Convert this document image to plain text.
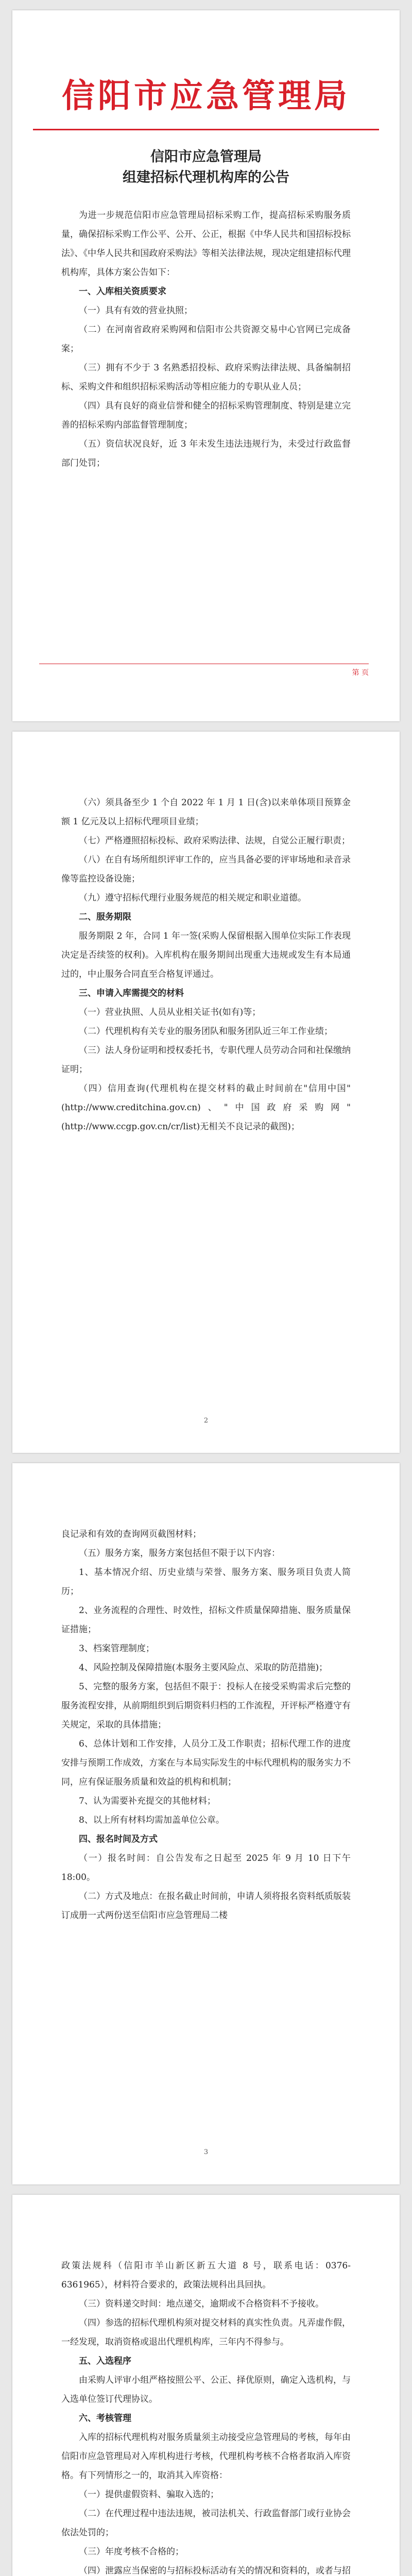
信阳市应急管理局
信阳市应急管理局
组建招标代理机构库的公告

为进一步规范信阳市应急管理局招标采购工作，提高招标采购服务质量，确保招标采购工作公平、公开、公正，根据《中华人民共和国招标投标法》、《中华人民共和国政府采购法》等相关法律法规，现决定组建招标代理机构库，具体方案公告如下：

一、入库相关资质要求

（一）具有有效的营业执照；

（二）在河南省政府采购网和信阳市公共资源交易中心官网已完成备案；

（三）拥有不少于 3 名熟悉招投标、政府采购法律法规、具备编制招标、采购文件和组织招标采购活动等相应能力的专职从业人员；

（四）具有良好的商业信誉和健全的招标采购管理制度、特别是建立完善的招标采购内部监督管理制度；

（五）资信状况良好，近 3 年未发生违法违规行为，未受过行政监督部门处罚；

第 页

（六）须具备至少 1 个自 2022 年 1 月 1 日(含)以来单体项目预算金额 1 亿元及以上招标代理项目业绩；

（七）严格遵照招标投标、政府采购法律、法规，自觉公正履行职责；

（八）在自有场所组织评审工作的，应当具备必要的评审场地和录音录像等监控设备设施；

（九）遵守招标代理行业服务规范的相关规定和职业道德。

二、服务期限

服务期限 2 年，合同 1 年一签(采购人保留根据入围单位实际工作表现决定是否续签的权利)。入库机构在服务期间出现重大违规或发生有本局通过的，中止服务合同直至合格复评通过。

三、申请入库需提交的材料

（一）营业执照、人员从业相关证书(如有)等；

（二）代理机构有关专业的服务团队和服务团队近三年工作业绩；

（三）法人身份证明和授权委托书，专职代理人员劳动合同和社保缴纳证明；

（四）信用查询(代理机构在提交材料的截止时间前在"信用中国"(http://www.creditchina.gov.cn)、"中国政府采购网"(http://www.ccgp.gov.cn/cr/list)无相关不良记录的截图)；

2

良记录和有效的查询网页截图材料；

（五）服务方案，服务方案包括但不限于以下内容：

1、基本情况介绍、历史业绩与荣誉、服务方案、服务项目负责人简历；

2、业务流程的合理性、时效性，招标文件质量保障措施、服务质量保证措施；

3、档案管理制度；

4、风险控制及保障措施(本服务主要风险点、采取的防范措施)；

5、完整的服务方案，包括但不限于：投标人在接受采购需求后完整的服务流程安排，从前期组织到后期资料归档的工作流程，开评标严格遵守有关规定，采取的具体措施；

6、总体计划和工作安排，人员分工及工作职责；招标代理工作的进度安排与预期工作成效，方案在与本局实际发生的中标代理机构的服务实力不同，应有保证服务质量和效益的机构和机制；

7、认为需要补充提交的其他材料；

8、以上所有材料均需加盖单位公章。

四、报名时间及方式

（一）报名时间：自公告发布之日起至 2025 年 9 月 10 日下午 18:00。

（二）方式及地点：在报名截止时间前，申请人须将报名资料纸质版装订成册一式两份送至信阳市应急管理局二楼

3

政策法规科（信阳市羊山新区新五大道 8 号，联系电话：0376-6361965），材料符合要求的，政策法规科出具回执。

（三）资料递交时间：地点递交，逾期或不合格资料不予接收。

（四）参选的招标代理机构须对提交材料的真实性负责。凡弄虚作假，一经发现，取消资格或退出代理机构库，三年内不得参与。

五、入选程序

由采购人评审小组严格按照公平、公正、择优原则，确定入选机构，与入选单位签订代理协议。

六、考核管理

入库的招标代理机构对服务质量须主动接受应急管理局的考核，每年由信阳市应急管理局对入库机构进行考核，代理机构考核不合格者取消入库资格。有下列情形之一的，取消其入库资格：

（一）提供虚假资料、骗取入选的；

（二）在代理过程中违法违规，被司法机关、行政监督部门或行业协会依法处罚的；

（三）年度考核不合格的；

（四）泄露应当保密的与招标投标活动有关的情况和资料的，或者与招
